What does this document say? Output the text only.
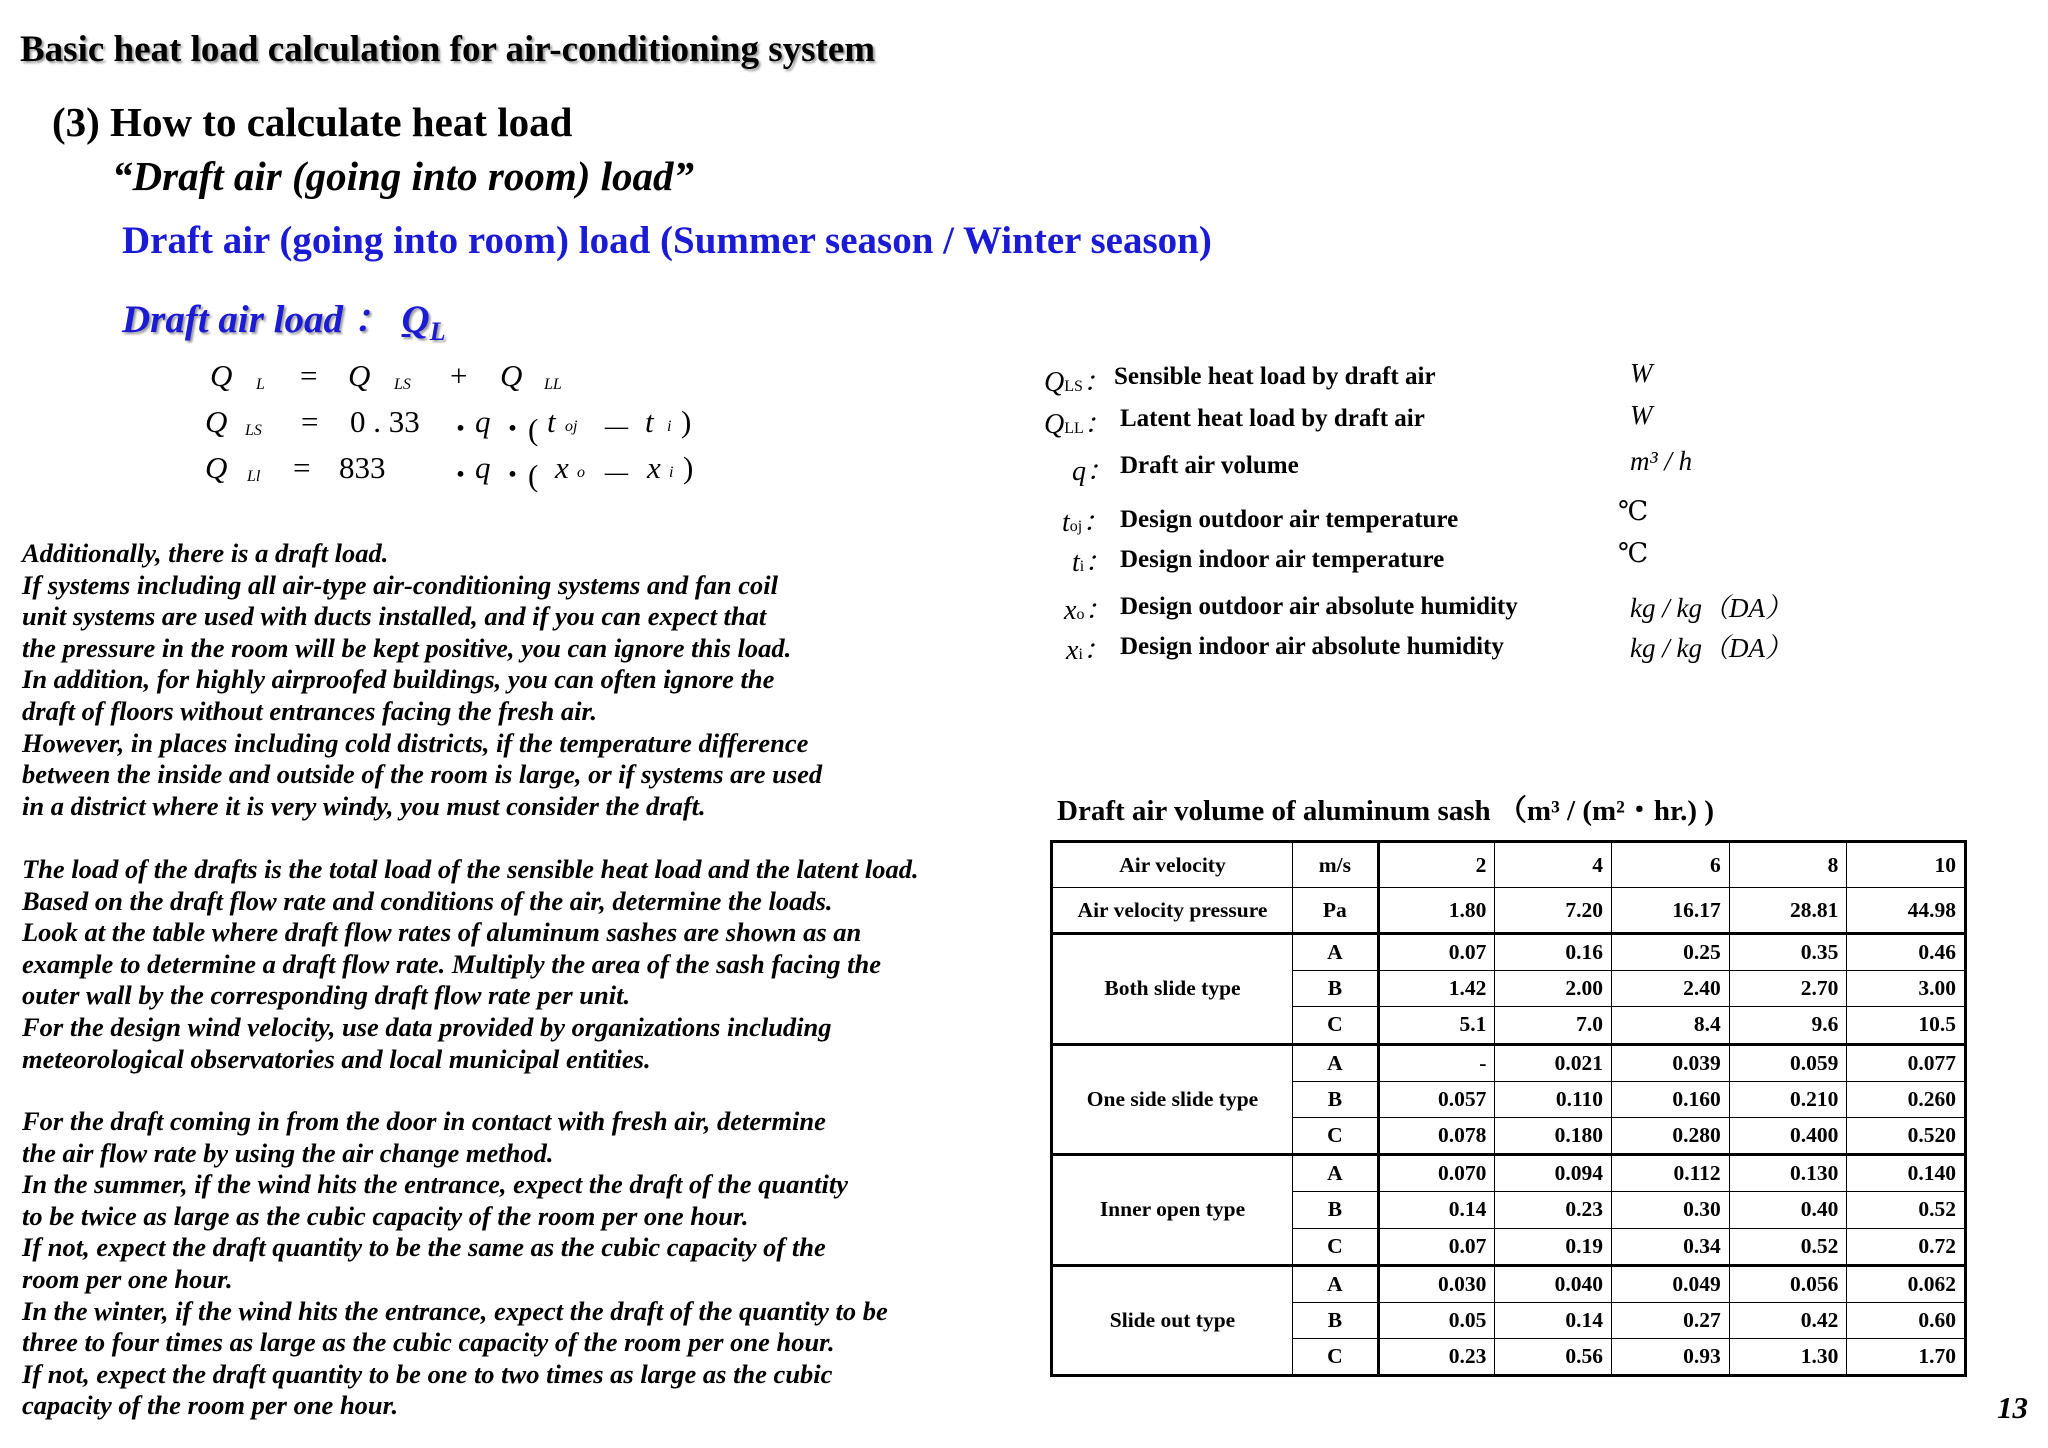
Basic heat load calculation for air-conditioning system
(3) How to calculate heat load
“Draft air (going into room) load”
Draft air (going into room) load (Summer season / Winter season)
Draft air load ： $Q_L$
Q L = Q LS + Q LL
Q LS = 0 . 33 ・ q ・( t oj － t i )
Q Ll = 833 ・ q ・( x o － x i )
QLS： Sensible heat load by draft air	W
QLL： Latent heat load by draft air	W
q： Draft air volume	m³ / h
toj： Design outdoor air temperature	℃
ti： Design indoor air temperature	℃
xo： Design outdoor air absolute humidity	kg / kg（DA）
xi： Design indoor air absolute humidity	kg / kg（DA）
Additionally, there is a draft load.
If systems including all air-type air-conditioning systems and fan coil
unit systems are used with ducts installed, and if you can expect that
the pressure in the room will be kept positive, you can ignore this load.
In addition, for highly airproofed buildings, you can often ignore the
draft of floors without entrances facing the fresh air.
However, in places including cold districts, if the temperature difference
between the inside and outside of the room is large, or if systems are used
in a district where it is very windy, you must consider the draft.
The load of the drafts is the total load of the sensible heat load and the latent load.
Based on the draft flow rate and conditions of the air, determine the loads.
Look at the table where draft flow rates of aluminum sashes are shown as an
example to determine a draft flow rate. Multiply the area of the sash facing the
outer wall by the corresponding draft flow rate per unit.
For the design wind velocity, use data provided by organizations including
meteorological observatories and local municipal entities.
For the draft coming in from the door in contact with fresh air, determine
the air flow rate by using the air change method.
In the summer, if the wind hits the entrance, expect the draft of the quantity
to be twice as large as the cubic capacity of the room per one hour.
If not, expect the draft quantity to be the same as the cubic capacity of the
room per one hour.
In the winter, if the wind hits the entrance, expect the draft of the quantity to be
three to four times as large as the cubic capacity of the room per one hour.
If not, expect the draft quantity to be one to two times as large as the cubic
capacity of the room per one hour.
Draft air volume of aluminum sash （m³ / (m²・hr.) )
Air velocity	m/s	2	4	6	8	10
Air velocity pressure	Pa	1.80	7.20	16.17	28.81	44.98
Both slide type	A	0.07	0.16	0.25	0.35	0.46
	B	1.42	2.00	2.40	2.70	3.00
	C	5.1	7.0	8.4	9.6	10.5
One side slide type	A	-	0.021	0.039	0.059	0.077
	B	0.057	0.110	0.160	0.210	0.260
	C	0.078	0.180	0.280	0.400	0.520
Inner open type	A	0.070	0.094	0.112	0.130	0.140
	B	0.14	0.23	0.30	0.40	0.52
	C	0.07	0.19	0.34	0.52	0.72
Slide out type	A	0.030	0.040	0.049	0.056	0.062
	B	0.05	0.14	0.27	0.42	0.60
	C	0.23	0.56	0.93	1.30	1.70
13
